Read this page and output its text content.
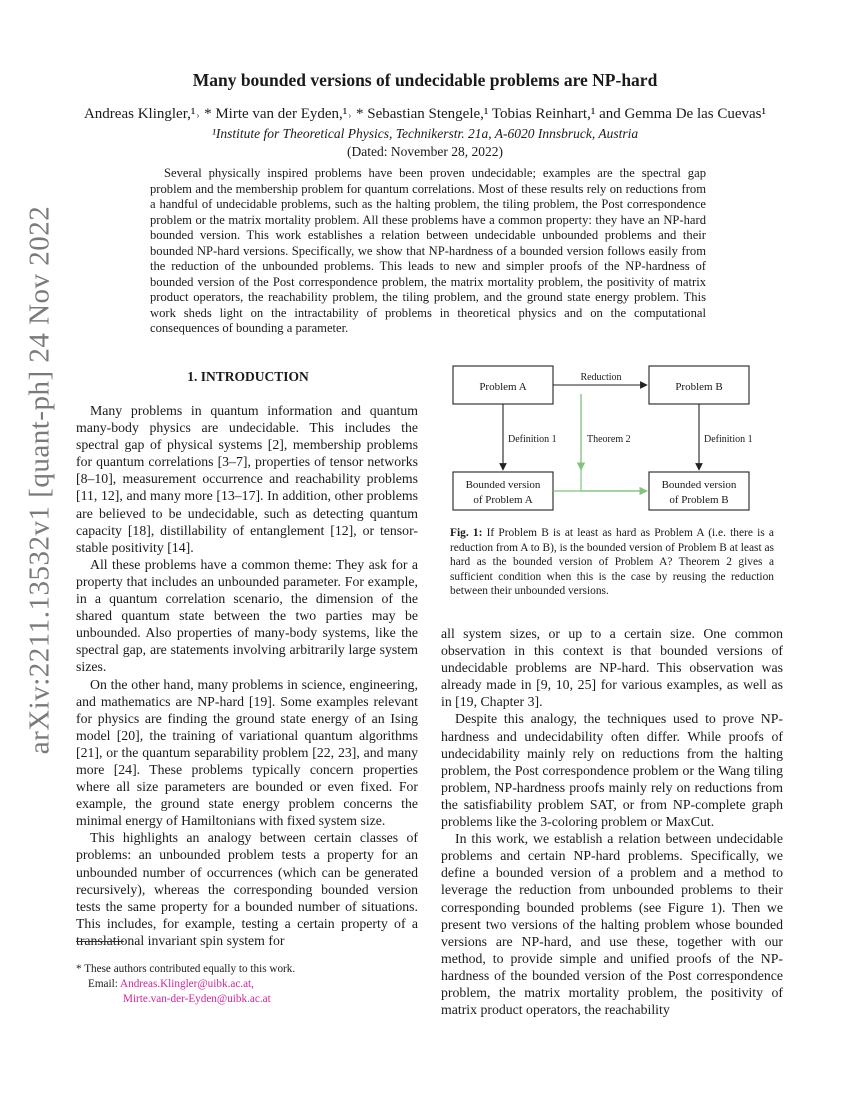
arXiv:2211.13532v1 [quant-ph] 24 Nov 2022
Many bounded versions of undecidable problems are NP-hard
Andreas Klingler,¹˒ * Mirte van der Eyden,¹˒ * Sebastian Stengele,¹ Tobias Reinhart,¹ and Gemma De las Cuevas¹
¹Institute for Theoretical Physics, Technikerstr. 21a, A-6020 Innsbruck, Austria
(Dated: November 28, 2022)

Several physically inspired problems have been proven undecidable; examples are the spectral gap problem and the membership problem for quantum correlations. Most of these results rely on reductions from a handful of undecidable problems, such as the halting problem, the tiling problem, the Post correspondence problem or the matrix mortality problem. All these problems have a common property: they have an NP-hard bounded version. This work establishes a relation between undecidable unbounded problems and their bounded NP-hard versions. Specifically, we show that NP-hardness of a bounded version follows easily from the reduction of the unbounded problems. This leads to new and simpler proofs of the NP-hardness of bounded version of the Post correspondence problem, the matrix mortality problem, the positivity of matrix product operators, the reachability problem, the tiling problem, and the ground state energy problem. This work sheds light on the intractability of problems in theoretical physics and on the computational consequences of bounding a parameter.

1. INTRODUCTION

Many problems in quantum information and quantum many-body physics are undecidable. This includes the spectral gap of physical systems [2], membership problems for quantum correlations [3–7], properties of tensor networks [8–10], measurement occurrence and reachability problems [11, 12], and many more [13–17]. In addition, other problems are believed to be undecidable, such as detecting quantum capacity [18], distillability of entanglement [12], or tensor-stable positivity [14].

All these problems have a common theme: They ask for a property that includes an unbounded parameter. For example, in a quantum correlation scenario, the dimension of the shared quantum state between the two parties may be unbounded. Also properties of many-body systems, like the spectral gap, are statements involving arbitrarily large system sizes.

On the other hand, many problems in science, engineering, and mathematics are NP-hard [19]. Some examples relevant for physics are finding the ground state energy of an Ising model [20], the training of variational quantum algorithms [21], or the quantum separability problem [22, 23], and many more [24]. These problems typically concern properties where all size parameters are bounded or even fixed. For example, the ground state energy problem concerns the minimal energy of Hamiltonians with fixed system size.

This highlights an analogy between certain classes of problems: an unbounded problem tests a property for an unbounded number of occurrences (which can be generated recursively), whereas the corresponding bounded version tests the same property for a bounded number of situations. This includes, for example, testing a certain property of a translational invariant spin system for

* These authors contributed equally to this work.
Email: Andreas.Klingler@uibk.ac.at,
Mirte.van-der-Eyden@uibk.ac.at
Problem A	Problem B
Bounded version
of Problem A
Bounded version
of Problem B
Reduction
Definition 1	Definition 1
Theorem 2
Fig. 1: If Problem B is at least as hard as Problem A (i.e. there is a reduction from A to B), is the bounded version of Problem B at least as hard as the bounded version of Problem A? Theorem 2 gives a sufficient condition when this is the case by reusing the reduction between their unbounded versions.

all system sizes, or up to a certain size. One common observation in this context is that bounded versions of undecidable problems are NP-hard. This observation was already made in [9, 10, 25] for various examples, as well as in [19, Chapter 3].

Despite this analogy, the techniques used to prove NP-hardness and undecidability often differ. While proofs of undecidability mainly rely on reductions from the halting problem, the Post correspondence problem or the Wang tiling problem, NP-hardness proofs mainly rely on reductions from the satisfiability problem SAT, or from NP-complete graph problems like the 3-coloring problem or MaxCut.

In this work, we establish a relation between undecidable problems and certain NP-hard problems. Specifically, we define a bounded version of a problem and a method to leverage the reduction from unbounded problems to their corresponding bounded problems (see Figure 1). Then we present two versions of the halting problem whose bounded versions are NP-hard, and use these, together with our method, to provide simple and unified proofs of the NP-hardness of the bounded version of the Post correspondence problem, the matrix mortality problem, the positivity of matrix product operators, the reachability
